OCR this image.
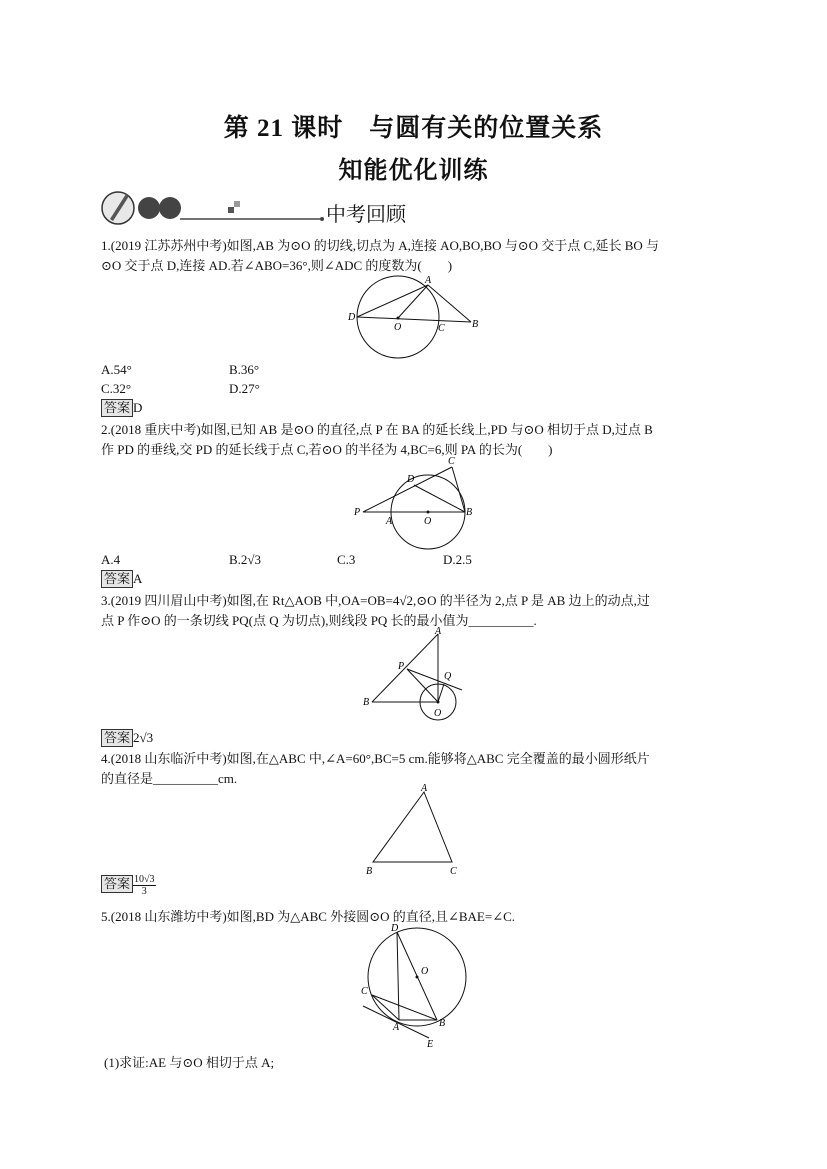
第 21 课时　与圆有关的位置关系
知能优化训练
中考回顾
1.(2019 江苏苏州中考)如图,AB 为⊙O 的切线,切点为 A,连接 AO,BO,BO 与⊙O 交于点 C,延长 BO 与
⊙O 交于点 D,连接 AD.若∠ABO=36°,则∠ADC 的度数为(　　)
A
D
O	C	B
A.54°	B.36°
C.32°	D.27°
答案 D
2.(2018 重庆中考)如图,已知 AB 是⊙O 的直径,点 P 在 BA 的延长线上,PD 与⊙O 相切于点 D,过点 B
作 PD 的垂线,交 PD 的延长线于点 C,若⊙O 的半径为 4,BC=6,则 PA 的长为(　　)
C
D
P
A	O
B
A.4	B.2√3	C.3	D.2.5
答案 A
3.(2019 四川眉山中考)如图,在 Rt△AOB 中,OA=OB=4√2,⊙O 的半径为 2,点 P 是 AB 边上的动点,过
点 P 作⊙O 的一条切线 PQ(点 Q 为切点),则线段 PQ 长的最小值为__________.
A
P
Q
B
O
答案 2√3
4.(2018 山东临沂中考)如图,在△ABC 中,∠A=60°,BC=5 cm.能够将△ABC 完全覆盖的最小圆形纸片
的直径是__________cm.
A
B	C
答案 $\frac{10√3}{3}$
5.(2018 山东潍坊中考)如图,BD 为△ABC 外接圆⊙O 的直径,且∠BAE=∠C.
D
O
C
A	B
E
(1)求证:AE 与⊙O 相切于点 A;
